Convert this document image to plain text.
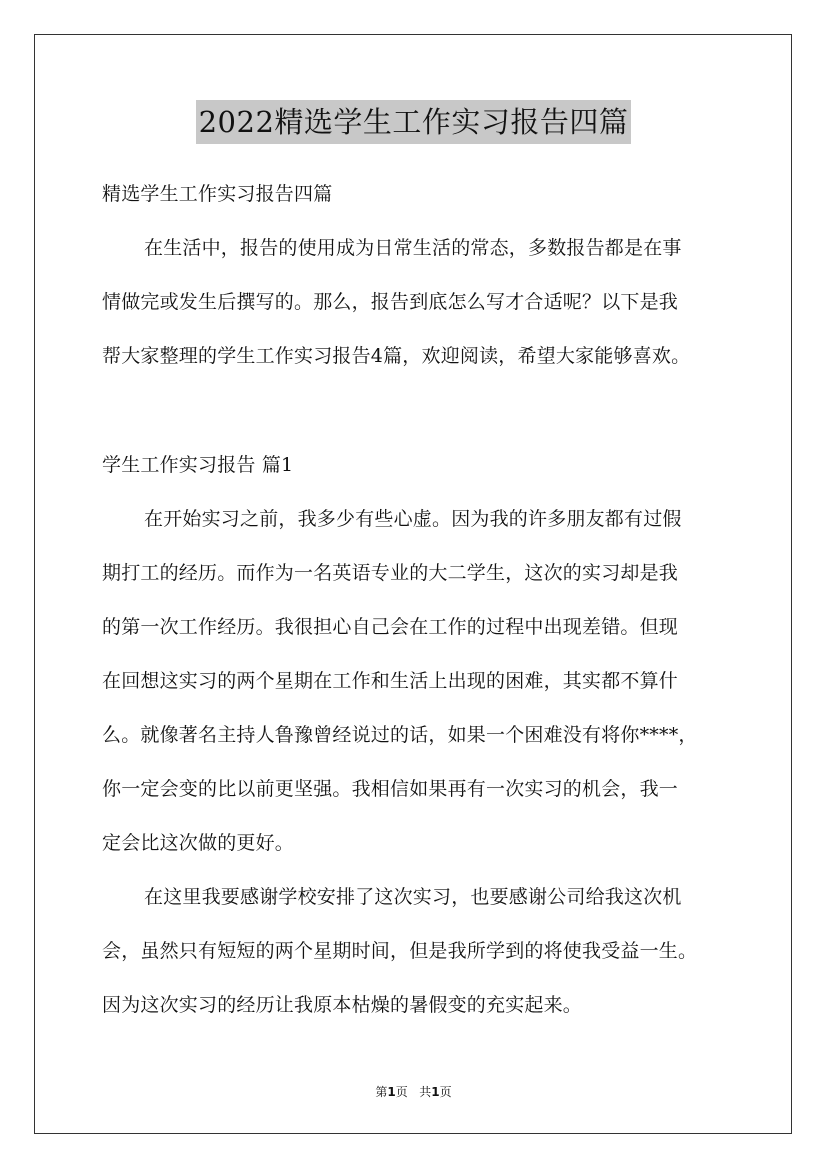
2022精选学生工作实习报告四篇
精选学生工作实习报告四篇
在生活中，报告的使用成为日常生活的常态，多数报告都是在事
情做完或发生后撰写的。那么，报告到底怎么写才合适呢？以下是我
帮大家整理的学生工作实习报告4篇，欢迎阅读，希望大家能够喜欢。
学生工作实习报告 篇1
在开始实习之前，我多少有些心虚。因为我的许多朋友都有过假
期打工的经历。而作为一名英语专业的大二学生，这次的实习却是我
的第一次工作经历。我很担心自己会在工作的过程中出现差错。但现
在回想这实习的两个星期在工作和生活上出现的困难，其实都不算什
么。就像著名主持人鲁豫曾经说过的话，如果一个困难没有将你****，
你一定会变的比以前更坚强。我相信如果再有一次实习的机会，我一
定会比这次做的更好。
在这里我要感谢学校安排了这次实习，也要感谢公司给我这次机
会，虽然只有短短的两个星期时间，但是我所学到的将使我受益一生。
因为这次实习的经历让我原本枯燥的暑假变的充实起来。
第1页 共1页
